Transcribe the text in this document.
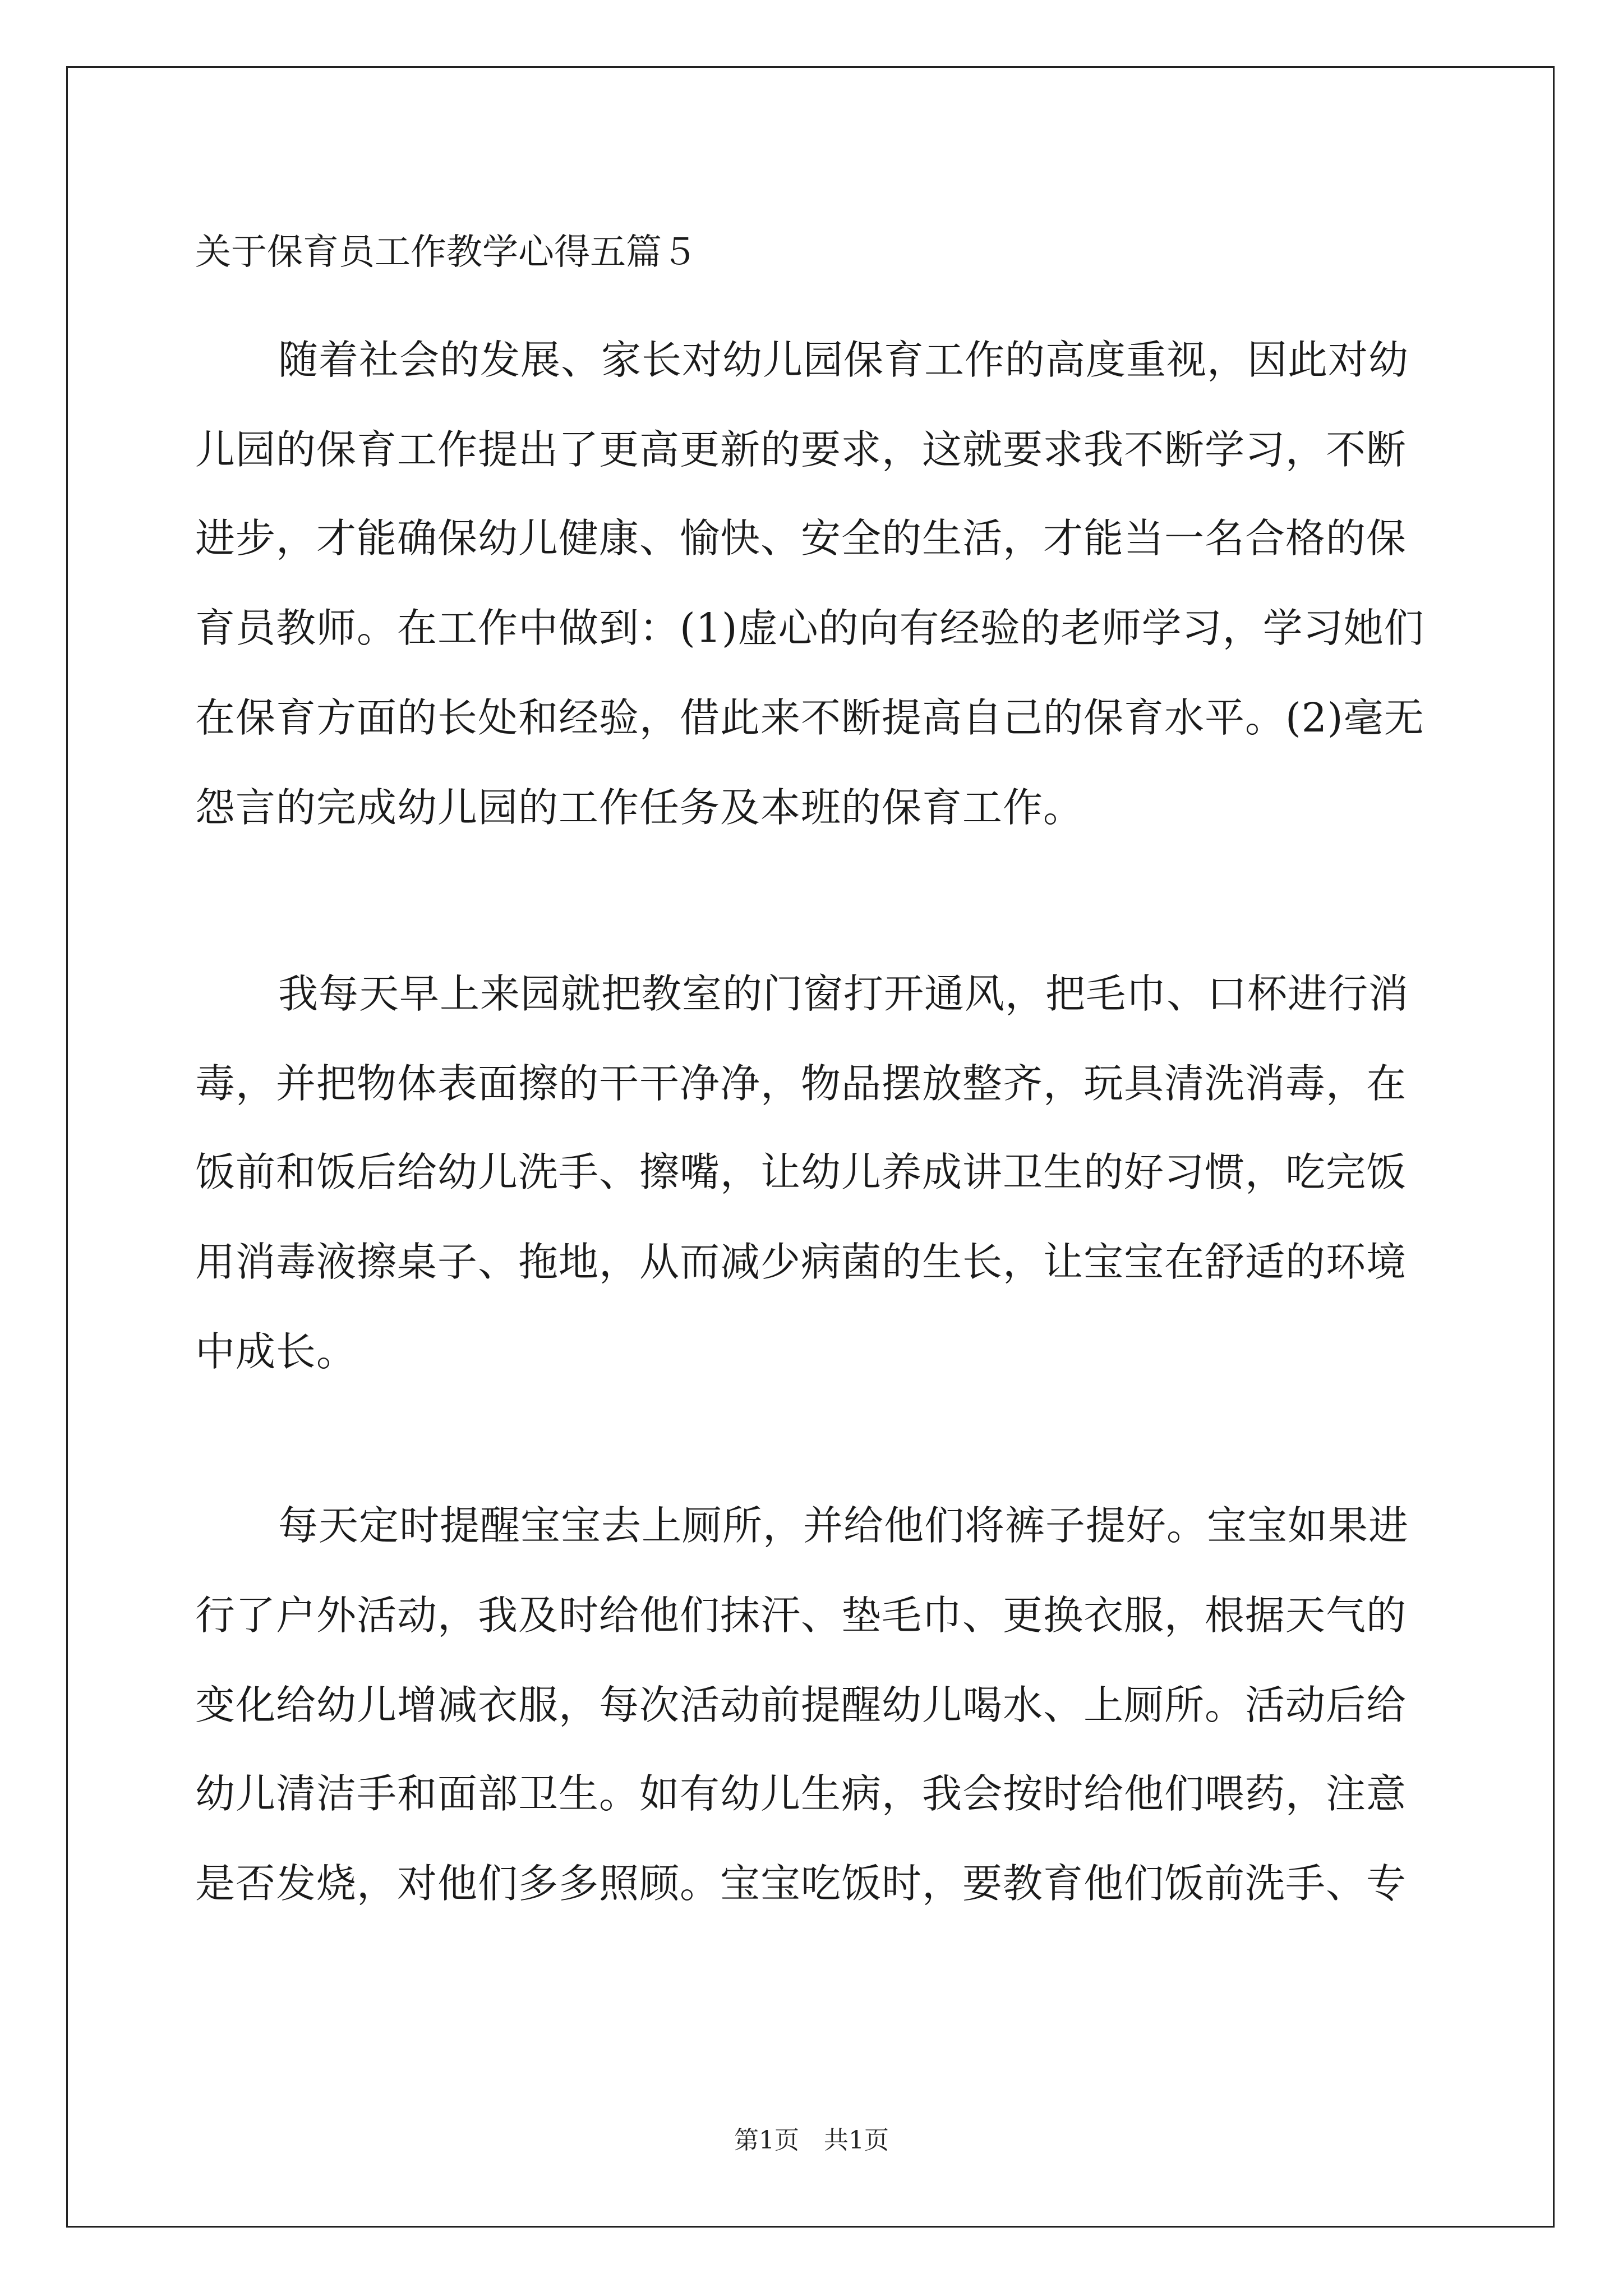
关于保育员工作教学心得五篇５
随着社会的发展、家长对幼儿园保育工作的高度重视，因此对幼
儿园的保育工作提出了更高更新的要求，这就要求我不断学习，不断
进步，才能确保幼儿健康、愉快、安全的生活，才能当一名合格的保
育员教师。在工作中做到：(1)虚心的向有经验的老师学习，学习她们
在保育方面的长处和经验，借此来不断提高自己的保育水平。(2)毫无
怨言的完成幼儿园的工作任务及本班的保育工作。
我每天早上来园就把教室的门窗打开通风，把毛巾、口杯进行消
毒，并把物体表面擦的干干净净，物品摆放整齐，玩具清洗消毒，在
饭前和饭后给幼儿洗手、擦嘴，让幼儿养成讲卫生的好习惯，吃完饭
用消毒液擦桌子、拖地，从而减少病菌的生长，让宝宝在舒适的环境
中成长。
每天定时提醒宝宝去上厕所，并给他们将裤子提好。宝宝如果进
行了户外活动，我及时给他们抹汗、垫毛巾、更换衣服，根据天气的
变化给幼儿增减衣服，每次活动前提醒幼儿喝水、上厕所。活动后给
幼儿清洁手和面部卫生。如有幼儿生病，我会按时给他们喂药，注意
是否发烧，对他们多多照顾。宝宝吃饭时，要教育他们饭前洗手、专
第1页　共1页
